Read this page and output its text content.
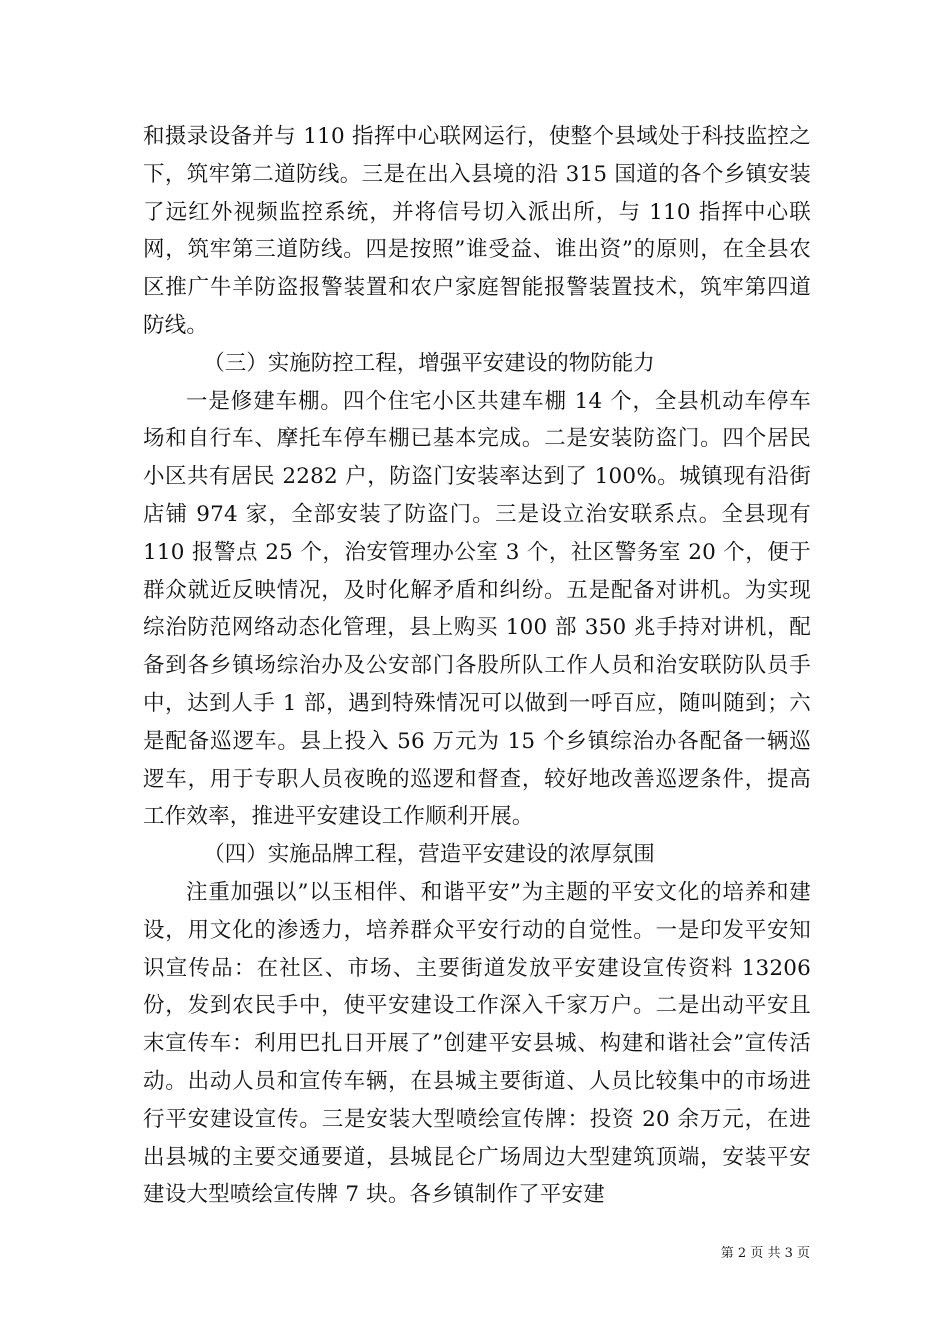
和摄录设备并与 110 指挥中心联网运行，使整个县域处于科技监控之下，筑牢第二道防线。三是在出入县境的沿 315 国道的各个乡镇安装了远红外视频监控系统，并将信号切入派出所，与 110 指挥中心联网，筑牢第三道防线。四是按照”谁受益、谁出资”的原则，在全县农区推广牛羊防盗报警装置和农户家庭智能报警装置技术，筑牢第四道防线。

（三）实施防控工程，增强平安建设的物防能力

一是修建车棚。四个住宅小区共建车棚 14 个，全县机动车停车场和自行车、摩托车停车棚已基本完成。二是安装防盗门。四个居民小区共有居民 2282 户，防盗门安装率达到了 100%。城镇现有沿街店铺 974 家，全部安装了防盗门。三是设立治安联系点。全县现有 110 报警点 25 个，治安管理办公室 3 个，社区警务室 20 个，便于群众就近反映情况，及时化解矛盾和纠纷。五是配备对讲机。为实现综治防范网络动态化管理，县上购买 100 部 350 兆手持对讲机，配备到各乡镇场综治办及公安部门各股所队工作人员和治安联防队员手中，达到人手 1 部，遇到特殊情况可以做到一呼百应，随叫随到；六是配备巡逻车。县上投入 56 万元为 15 个乡镇综治办各配备一辆巡逻车，用于专职人员夜晚的巡逻和督查，较好地改善巡逻条件，提高工作效率，推进平安建设工作顺利开展。

（四）实施品牌工程，营造平安建设的浓厚氛围

注重加强以”以玉相伴、和谐平安”为主题的平安文化的培养和建设，用文化的渗透力，培养群众平安行动的自觉性。一是印发平安知识宣传品：在社区、市场、主要街道发放平安建设宣传资料 13206 份，发到农民手中，使平安建设工作深入千家万户。二是出动平安且末宣传车：利用巴扎日开展了”创建平安县城、构建和谐社会”宣传活动。出动人员和宣传车辆，在县城主要街道、人员比较集中的市场进行平安建设宣传。三是安装大型喷绘宣传牌：投资 20 余万元，在进出县城的主要交通要道，县城昆仑广场周边大型建筑顶端，安装平安建设大型喷绘宣传牌 7 块。各乡镇制作了平安建

第 2 页 共 3 页
